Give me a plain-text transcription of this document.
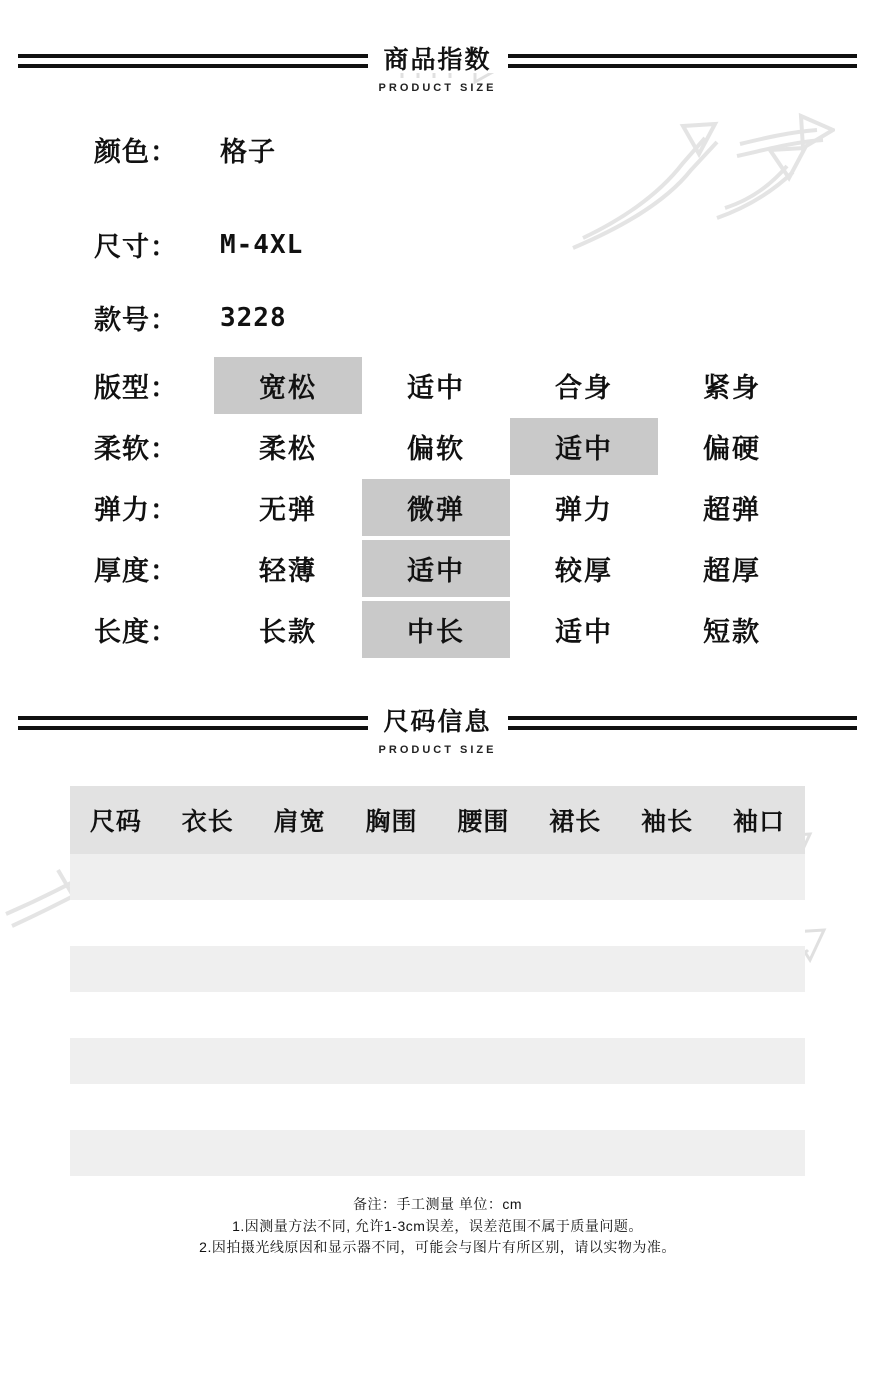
商品指数
PRODUCT SIZE
颜色：	格子
尺寸：	M-4XL
款号：	3228
版型：	宽松	适中	合身	紧身
柔软：	柔松	偏软	适中	偏硬
弹力：	无弹	微弹	弹力	超弹
厚度：	轻薄	适中	较厚	超厚
长度：	长款	中长	适中	短款
尺码信息
PRODUCT SIZE
尺码	衣长	肩宽	胸围	腰围	裙长	袖长	袖口

备注：手工测量 单位：cm
1.因测量方法不同, 允许1-3cm误差，误差范围不属于质量问题。
2.因拍摄光线原因和显示器不同，可能会与图片有所区别，请以实物为准。
